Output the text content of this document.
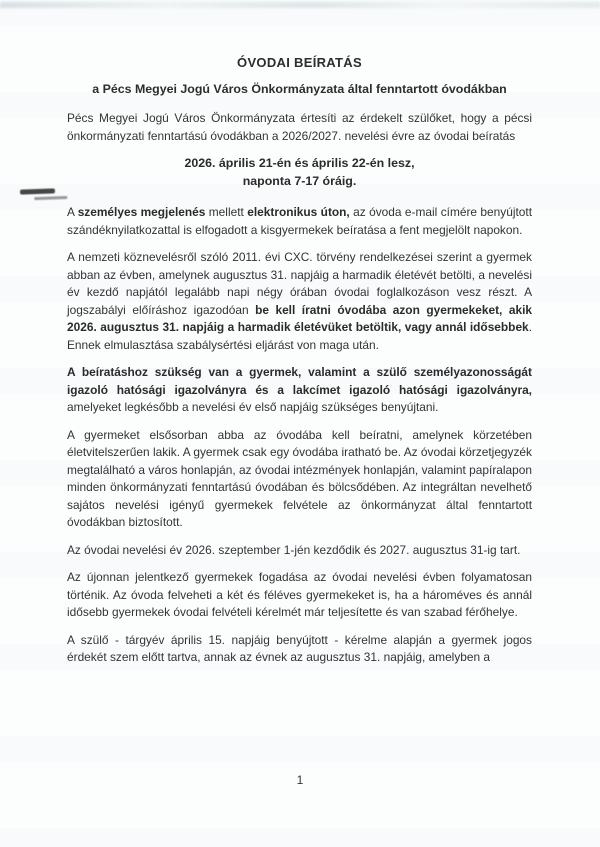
ÓVODAI BEÍRATÁS
a Pécs Megyei Jogú Város Önkormányzata által fenntartott óvodákban

Pécs Megyei Jogú Város Önkormányzata értesíti az érdekelt szülőket, hogy a pécsi önkormányzati fenntartású óvodákban a 2026/2027. nevelési évre az óvodai beíratás

2026. április 21-én és április 22-én lesz,
naponta 7-17 óráig.

A személyes megjelenés mellett elektronikus úton, az óvoda e-mail címére benyújtott szándéknyilatkozattal is elfogadott a kisgyermekek beíratása a fent megjelölt napokon.

A nemzeti köznevelésről szóló 2011. évi CXC. törvény rendelkezései szerint a gyermek abban az évben, amelynek augusztus 31. napjáig a harmadik életévét betölti, a nevelési év kezdő napjától legalább napi négy órában óvodai foglalkozáson vesz részt. A jogszabályi előíráshoz igazodóan be kell íratni óvodába azon gyermekeket, akik 2026. augusztus 31. napjáig a harmadik életévüket betöltik, vagy annál idősebbek. Ennek elmulasztása szabálysértési eljárást von maga után.

A beíratáshoz szükség van a gyermek, valamint a szülő személyazonosságát igazoló hatósági igazolványra és a lakcímet igazoló hatósági igazolványra, amelyeket legkésőbb a nevelési év első napjáig szükséges benyújtani.

A gyermeket elsősorban abba az óvodába kell beíratni, amelynek körzetében életvitelszerűen lakik. A gyermek csak egy óvodába iratható be. Az óvodai körzetjegyzék megtalálható a város honlapján, az óvodai intézmények honlapján, valamint papíralapon minden önkormányzati fenntartású óvodában és bölcsődében. Az integráltan nevelhető sajátos nevelési igényű gyermekek felvétele az önkormányzat által fenntartott óvodákban biztosított.

Az óvodai nevelési év 2026. szeptember 1-jén kezdődik és 2027. augusztus 31-ig tart.

Az újonnan jelentkező gyermekek fogadása az óvodai nevelési évben folyamatosan történik. Az óvoda felveheti a két és féléves gyermekeket is, ha a hároméves és annál idősebb gyermekek óvodai felvételi kérelmét már teljesítette és van szabad férőhelye.

A szülő - tárgyév április 15. napjáig benyújtott - kérelme alapján a gyermek jogos érdekét szem előtt tartva, annak az évnek az augusztus 31. napjáig, amelyben a

1
